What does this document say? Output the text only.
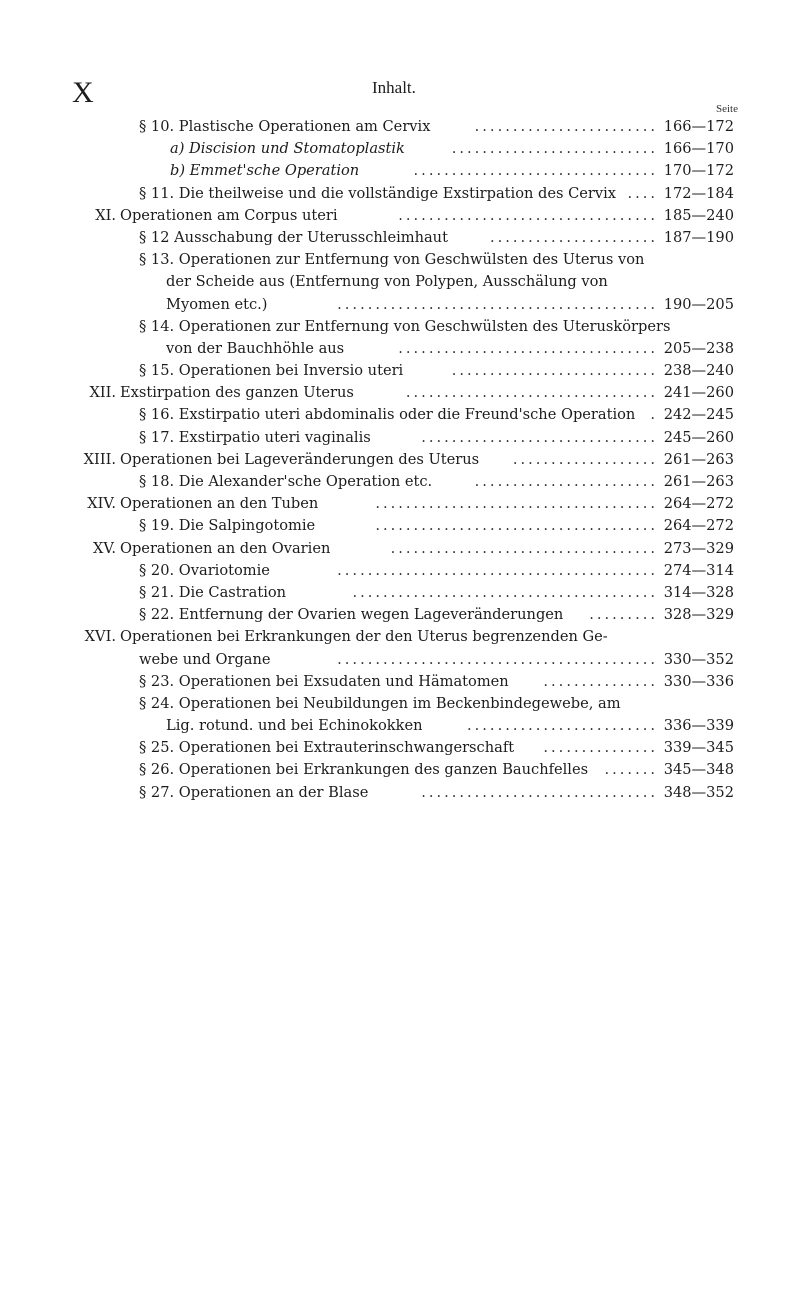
X	Inhalt.
Seite
§ 10. Plastische Operationen am Cervix	166—172
........................
a) Discision und Stomatoplastik	166—170
...........................
b) Emmet'sche Operation	170—172
................................
§ 11. Die theilweise und die vollständige Exstirpation des Cervix	172—184
....
XI. Operationen am Corpus uteri	185—240
..................................
§ 12 Ausschabung der Uterusschleimhaut	187—190
......................
§ 13. Operationen zur Entfernung von Geschwülsten des Uterus von
der Scheide aus (Entfernung von Polypen, Ausschälung von
Myomen etc.)	190—205
..........................................
§ 14. Operationen zur Entfernung von Geschwülsten des Uteruskörpers
von der Bauchhöhle aus	205—238
..................................
§ 15. Operationen bei Inversio uteri	238—240
...........................
XII. Exstirpation des ganzen Uterus	241—260
.................................
§ 16. Exstirpatio uteri abdominalis oder die Freund'sche Operation 242—245
.
§ 17. Exstirpatio uteri vaginalis	245—260
...............................
XIII. Operationen bei Lageveränderungen des Uterus	261—263
...................
§ 18. Die Alexander'sche Operation etc.	261—263
........................
XIV. Operationen an den Tuben	264—272
.....................................
§ 19. Die Salpingotomie	264—272
.....................................
XV. Operationen an den Ovarien	273—329
...................................
§ 20. Ovariotomie	274—314
..........................................
§ 21. Die Castration	314—328
........................................
§ 22. Entfernung der Ovarien wegen Lageveränderungen	328—329
.........
XVI. Operationen bei Erkrankungen der den Uterus begrenzenden Ge-
webe und Organe	330—352
..........................................
§ 23. Operationen bei Exsudaten und Hämatomen	330—336
...............
§ 24. Operationen bei Neubildungen im Beckenbindegewebe, am
Lig. rotund. und bei Echinokokken	336—339
.........................
§ 25. Operationen bei Extrauterinschwangerschaft	339—345
...............
§ 26. Operationen bei Erkrankungen des ganzen Bauchfelles	345—348
.......
§ 27. Operationen an der Blase	348—352
...............................
